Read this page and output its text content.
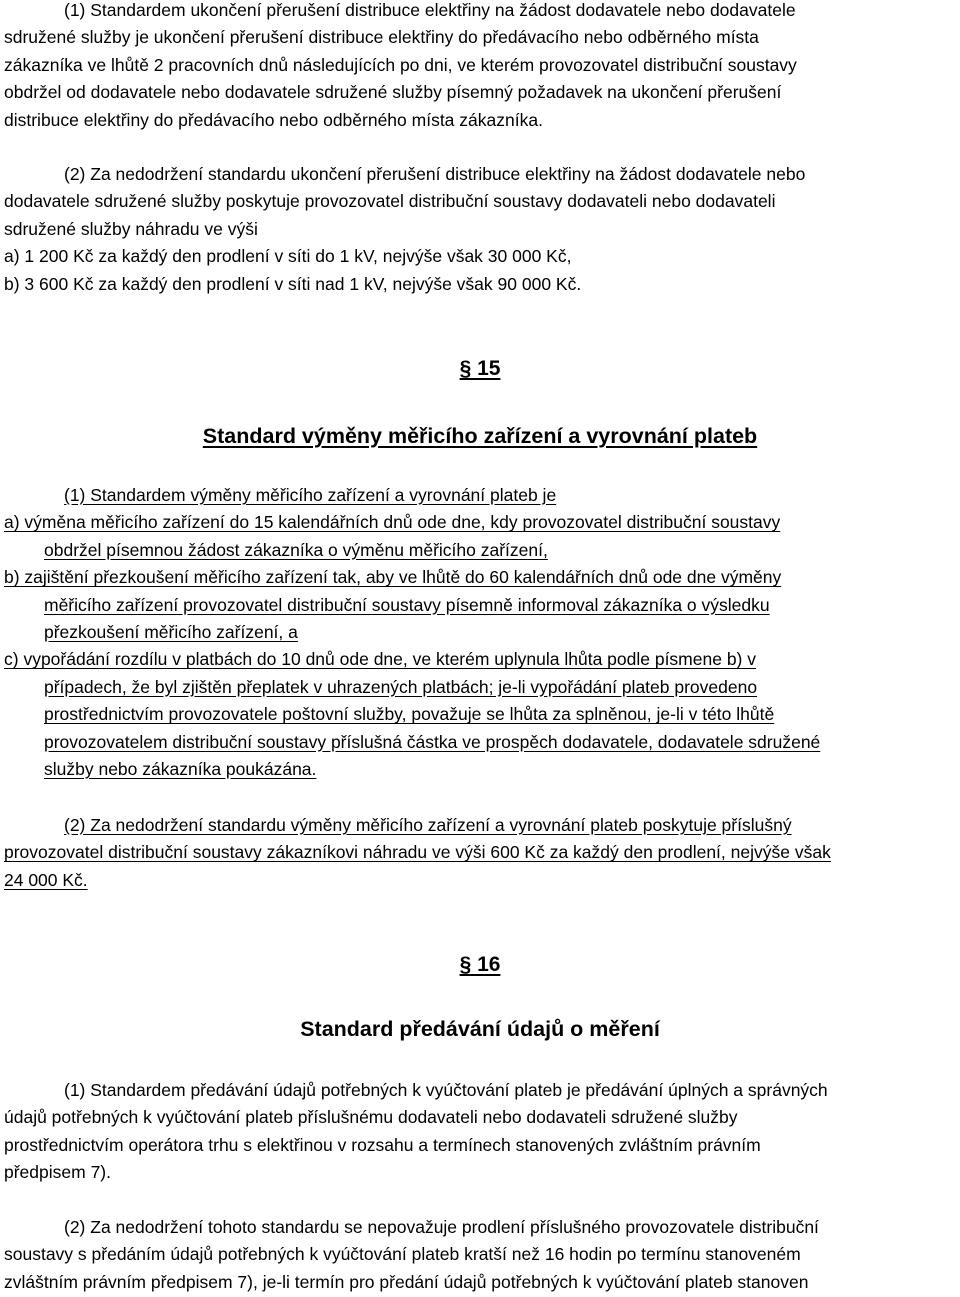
(1) Standardem ukončení přerušení distribuce elektřiny na žádost dodavatele nebo dodavatele
sdružené služby je ukončení přerušení distribuce elektřiny do předávacího nebo odběrného místa
zákazníka ve lhůtě 2 pracovních dnů následujících po dni, ve kterém provozovatel distribuční soustavy
obdržel od dodavatele nebo dodavatele sdružené služby písemný požadavek na ukončení přerušení
distribuce elektřiny do předávacího nebo odběrného místa zákazníka.
(2) Za nedodržení standardu ukončení přerušení distribuce elektřiny na žádost dodavatele nebo
dodavatele sdružené služby poskytuje provozovatel distribuční soustavy dodavateli nebo dodavateli
sdružené služby náhradu ve výši
a) 1 200 Kč za každý den prodlení v síti do 1 kV, nejvýše však 30 000 Kč,
b) 3 600 Kč za každý den prodlení v síti nad 1 kV, nejvýše však 90 000 Kč.
§ 15
Standard výměny měřicího zařízení a vyrovnání plateb
(1) Standardem výměny měřicího zařízení a vyrovnání plateb je
a) výměna měřicího zařízení do 15 kalendářních dnů ode dne, kdy provozovatel distribuční soustavy
obdržel písemnou žádost zákazníka o výměnu měřicího zařízení,
b) zajištění přezkoušení měřicího zařízení tak, aby ve lhůtě do 60 kalendářních dnů ode dne výměny
měřicího zařízení provozovatel distribuční soustavy písemně informoval zákazníka o výsledku
přezkoušení měřicího zařízení, a
c) vypořádání rozdílu v platbách do 10 dnů ode dne, ve kterém uplynula lhůta podle písmene b) v
případech, že byl zjištěn přeplatek v uhrazených platbách; je-li vypořádání plateb provedeno
prostřednictvím provozovatele poštovní služby, považuje se lhůta za splněnou, je-li v této lhůtě
provozovatelem distribuční soustavy příslušná částka ve prospěch dodavatele, dodavatele sdružené
služby nebo zákazníka poukázána.
(2) Za nedodržení standardu výměny měřicího zařízení a vyrovnání plateb poskytuje příslušný
provozovatel distribuční soustavy zákazníkovi náhradu ve výši 600 Kč za každý den prodlení, nejvýše však
24 000 Kč.
§ 16
Standard předávání údajů o měření
(1) Standardem předávání údajů potřebných k vyúčtování plateb je předávání úplných a správných
údajů potřebných k vyúčtování plateb příslušnému dodavateli nebo dodavateli sdružené služby
prostřednictvím operátora trhu s elektřinou v rozsahu a termínech stanovených zvláštním právním
předpisem 7).
(2) Za nedodržení tohoto standardu se nepovažuje prodlení příslušného provozovatele distribuční
soustavy s předáním údajů potřebných k vyúčtování plateb kratší než 16 hodin po termínu stanoveném
zvláštním právním předpisem 7), je-li termín pro předání údajů potřebných k vyúčtování plateb stanoven
